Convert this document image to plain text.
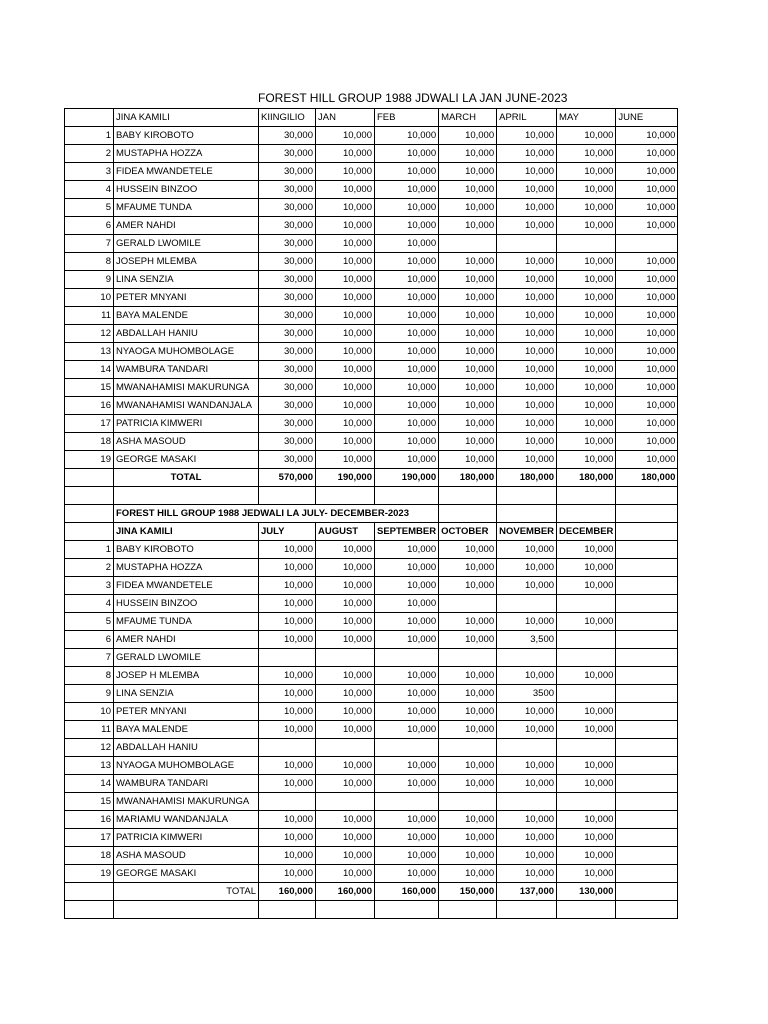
FOREST HILL GROUP 1988 JDWALI LA JAN JUNE-2023
	JINA KAMILI	KIINGILIO	JAN	FEB	MARCH	APRIL	MAY	JUNE
1	BABY KIROBOTO	30,000	10,000	10,000	10,000	10,000	10,000	10,000
2	MUSTAPHA HOZZA	30,000	10,000	10,000	10,000	10,000	10,000	10,000
3	FIDEA MWANDETELE	30,000	10,000	10,000	10,000	10,000	10,000	10,000
4	HUSSEIN BINZOO	30,000	10,000	10,000	10,000	10,000	10,000	10,000
5	MFAUME TUNDA	30,000	10,000	10,000	10,000	10,000	10,000	10,000
6	AMER NAHDI	30,000	10,000	10,000	10,000	10,000	10,000	10,000
7	GERALD LWOMILE	30,000	10,000	10,000				
8	JOSEPH MLEMBA	30,000	10,000	10,000	10,000	10,000	10,000	10,000
9	LINA SENZIA	30,000	10,000	10,000	10,000	10,000	10,000	10,000
10	PETER MNYANI	30,000	10,000	10,000	10,000	10,000	10,000	10,000
11	BAYA MALENDE	30,000	10,000	10,000	10,000	10,000	10,000	10,000
12	ABDALLAH HANIU	30,000	10,000	10,000	10,000	10,000	10,000	10,000
13	NYAOGA MUHOMBOLAGE	30,000	10,000	10,000	10,000	10,000	10,000	10,000
14	WAMBURA TANDARI	30,000	10,000	10,000	10,000	10,000	10,000	10,000
15	MWANAHAMISI MAKURUNGA	30,000	10,000	10,000	10,000	10,000	10,000	10,000
16	MWANAHAMISI WANDANJALA	30,000	10,000	10,000	10,000	10,000	10,000	10,000
17	PATRICIA KIMWERI	30,000	10,000	10,000	10,000	10,000	10,000	10,000
18	ASHA MASOUD	30,000	10,000	10,000	10,000	10,000	10,000	10,000
19	GEORGE MASAKI	30,000	10,000	10,000	10,000	10,000	10,000	10,000
	TOTAL	570,000	190,000	190,000	180,000	180,000	180,000	180,000

	FOREST HILL GROUP 1988 JEDWALI LA JULY- DECEMBER-2023							
	JINA KAMILI	JULY	AUGUST	SEPTEMBER	OCTOBER	NOVEMBER	DECEMBER	
1	BABY KIROBOTO	10,000	10,000	10,000	10,000	10,000	10,000	
2	MUSTAPHA HOZZA	10,000	10,000	10,000	10,000	10,000	10,000	
3	FIDEA MWANDETELE	10,000	10,000	10,000	10,000	10,000	10,000	
4	HUSSEIN BINZOO	10,000	10,000	10,000				
5	MFAUME TUNDA	10,000	10,000	10,000	10,000	10,000	10,000	
6	AMER NAHDI	10,000	10,000	10,000	10,000	3,500		
7	GERALD LWOMILE							
8	JOSEP H MLEMBA	10,000	10,000	10,000	10,000	10,000	10,000	
9	LINA SENZIA	10,000	10,000	10,000	10,000	3500		
10	PETER MNYANI	10,000	10,000	10,000	10,000	10,000	10,000	
11	BAYA MALENDE	10,000	10,000	10,000	10,000	10,000	10,000	
12	ABDALLAH HANIU							
13	NYAOGA MUHOMBOLAGE	10,000	10,000	10,000	10,000	10,000	10,000	
14	WAMBURA TANDARI	10,000	10,000	10,000	10,000	10,000	10,000	
15	MWANAHAMISI MAKURUNGA							
16	MARIAMU WANDANJALA	10,000	10,000	10,000	10,000	10,000	10,000	
17	PATRICIA KIMWERI	10,000	10,000	10,000	10,000	10,000	10,000	
18	ASHA MASOUD	10,000	10,000	10,000	10,000	10,000	10,000	
19	GEORGE MASAKI	10,000	10,000	10,000	10,000	10,000	10,000	
	TOTAL	160,000	160,000	160,000	150,000	137,000	130,000	
